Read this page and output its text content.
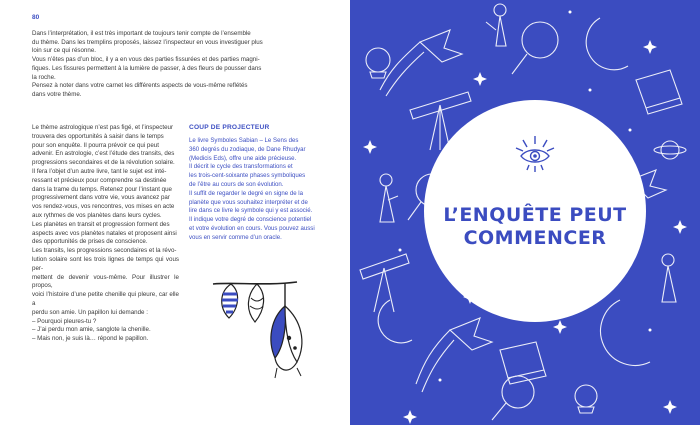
80

Dans l’interprétation, il est très important de toujours tenir compte de l’ensemble

du thème. Dans les tremplins proposés, laissez l’inspecteur en vous investiguer plus

loin sur ce qui résonne.

Vous n’êtes pas d’un bloc, il y a en vous des parties fissurées et des parties magni-

fiques. Les fissures permettent à la lumière de passer, à des fleurs de pousser dans

la roche.

Pensez à noter dans votre carnet les différents aspects de vous-même reflétés

dans votre thème.

Le thème astrologique n’est pas figé, et l’inspecteur

trouvera des opportunités à saisir dans le temps

pour son enquête. Il pourra prévoir ce qui peut

advenir. En astrologie, c’est l’étude des transits, des

progressions secondaires et de la révolution solaire.

Il fera l’objet d’un autre livre, tant le sujet est inté-

ressant et précieux pour comprendre sa destinée

dans la trame du temps. Retenez pour l’instant que

progressivement dans votre vie, vous avancez par

vos rendez-vous, vos rencontres, vos mises en acte

aux rythmes de vos planètes dans leurs cycles.

Les planètes en transit et progression forment des

aspects avec vos planètes natales et proposent ainsi

des opportunités de prises de conscience.

Les transits, les progressions secondaires et la révo-

lution solaire sont les trois lignes de temps qui vous per-

mettent de devenir vous-même. Pour illustrer le propos,

voici l’histoire d’une petite chenille qui pleure, car elle a

perdu son amie. Un papillon lui demande :

– Pourquoi pleures-tu ?

– J’ai perdu mon amie, sanglote la chenille.

– Mais non, je suis là… répond le papillon.

COUP DE PROJECTEUR

Le livre Symboles Sabian – Le Sens des

360 degrés du zodiaque, de Dane Rhudyar

(Medicis Eds), offre une aide précieuse.

Il décrit le cycle des transformations et

les trois-cent-soixante phases symboliques

de l’être au cours de son évolution.

Il suffit de regarder le degré en signe de la

planète que vous souhaitez interpréter et de

lire dans ce livre le symbole qui y est associé.

Il indique votre degré de conscience potentiel

et votre évolution en cours. Vous pouvez aussi

vous en servir comme d’un oracle.

L’ENQUÊTE PEUT
COMMENCER
